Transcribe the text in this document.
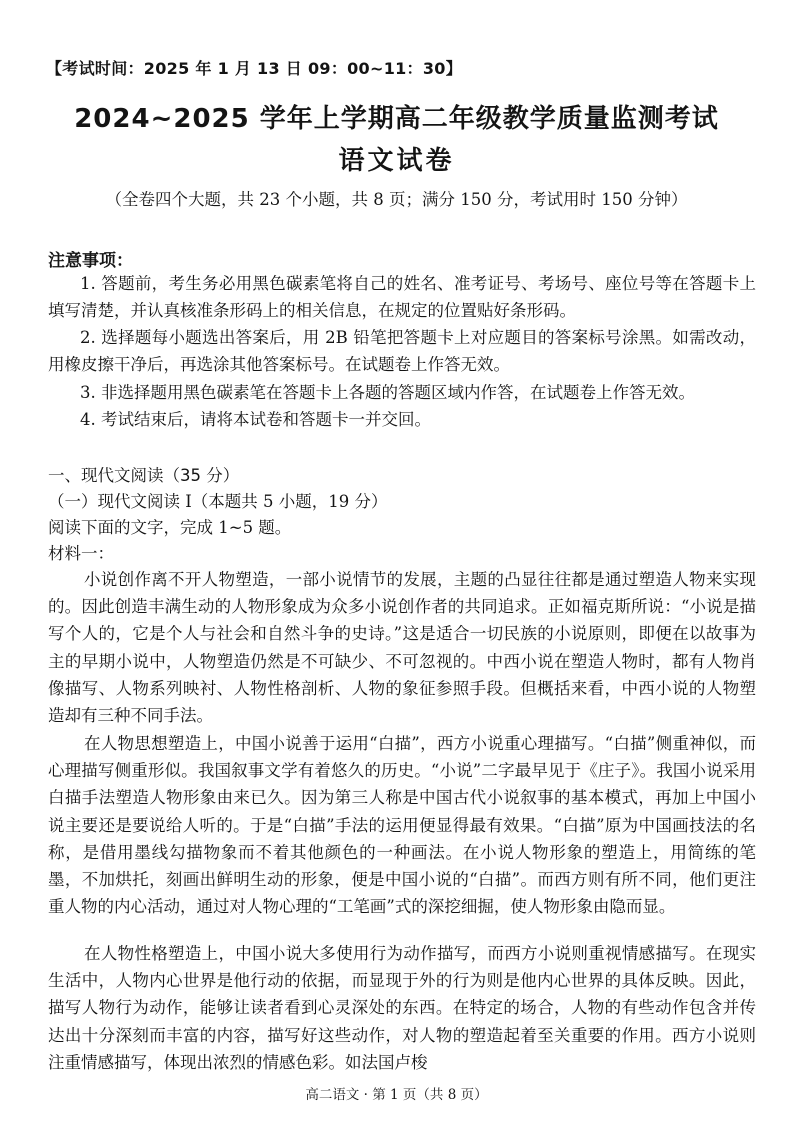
【考试时间：2025 年 1 月 13 日 09：00~11：30】
2024~2025 学年上学期高二年级教学质量监测考试
语文试卷
（全卷四个大题，共 23 个小题，共 8 页；满分 150 分，考试用时 150 分钟）
注意事项：
1. 答题前，考生务必用黑色碳素笔将自己的姓名、准考证号、考场号、座位号等在答题卡上填写清楚，并认真核准条形码上的相关信息，在规定的位置贴好条形码。
2. 选择题每小题选出答案后，用 2B 铅笔把答题卡上对应题目的答案标号涂黑。如需改动，用橡皮擦干净后，再选涂其他答案标号。在试题卷上作答无效。
3. 非选择题用黑色碳素笔在答题卡上各题的答题区域内作答，在试题卷上作答无效。
4. 考试结束后，请将本试卷和答题卡一并交回。
一、现代文阅读（35 分）
（一）现代文阅读 Ⅰ（本题共 5 小题，19 分）
阅读下面的文字，完成 1~5 题。
材料一：
小说创作离不开人物塑造，一部小说情节的发展，主题的凸显往往都是通过塑造人物来实现的。因此创造丰满生动的人物形象成为众多小说创作者的共同追求。正如福克斯所说：“小说是描写个人的，它是个人与社会和自然斗争的史诗。”这是适合一切民族的小说原则，即便在以故事为主的早期小说中，人物塑造仍然是不可缺少、不可忽视的。中西小说在塑造人物时，都有人物肖像描写、人物系列映衬、人物性格剖析、人物的象征参照手段。但概括来看，中西小说的人物塑造却有三种不同手法。
在人物思想塑造上，中国小说善于运用“白描”，西方小说重心理描写。“白描”侧重神似，而心理描写侧重形似。我国叙事文学有着悠久的历史。“小说”二字最早见于《庄子》。我国小说采用白描手法塑造人物形象由来已久。因为第三人称是中国古代小说叙事的基本模式，再加上中国小说主要还是要说给人听的。于是“白描”手法的运用便显得最有效果。“白描”原为中国画技法的名称，是借用墨线勾描物象而不着其他颜色的一种画法。在小说人物形象的塑造上，用简练的笔墨，不加烘托，刻画出鲜明生动的形象，便是中国小说的“白描”。而西方则有所不同，他们更注重人物的内心活动，通过对人物心理的“工笔画”式的深挖细掘，使人物形象由隐而显。
在人物性格塑造上，中国小说大多使用行为动作描写，而西方小说则重视情感描写。在现实生活中，人物内心世界是他行动的依据，而显现于外的行为则是他内心世界的具体反映。因此，描写人物行为动作，能够让读者看到心灵深处的东西。在特定的场合，人物的有些动作包含并传达出十分深刻而丰富的内容，描写好这些动作，对人物的塑造起着至关重要的作用。西方小说则注重情感描写，体现出浓烈的情感色彩。如法国卢梭
高二语文 · 第 1 页（共 8 页）
